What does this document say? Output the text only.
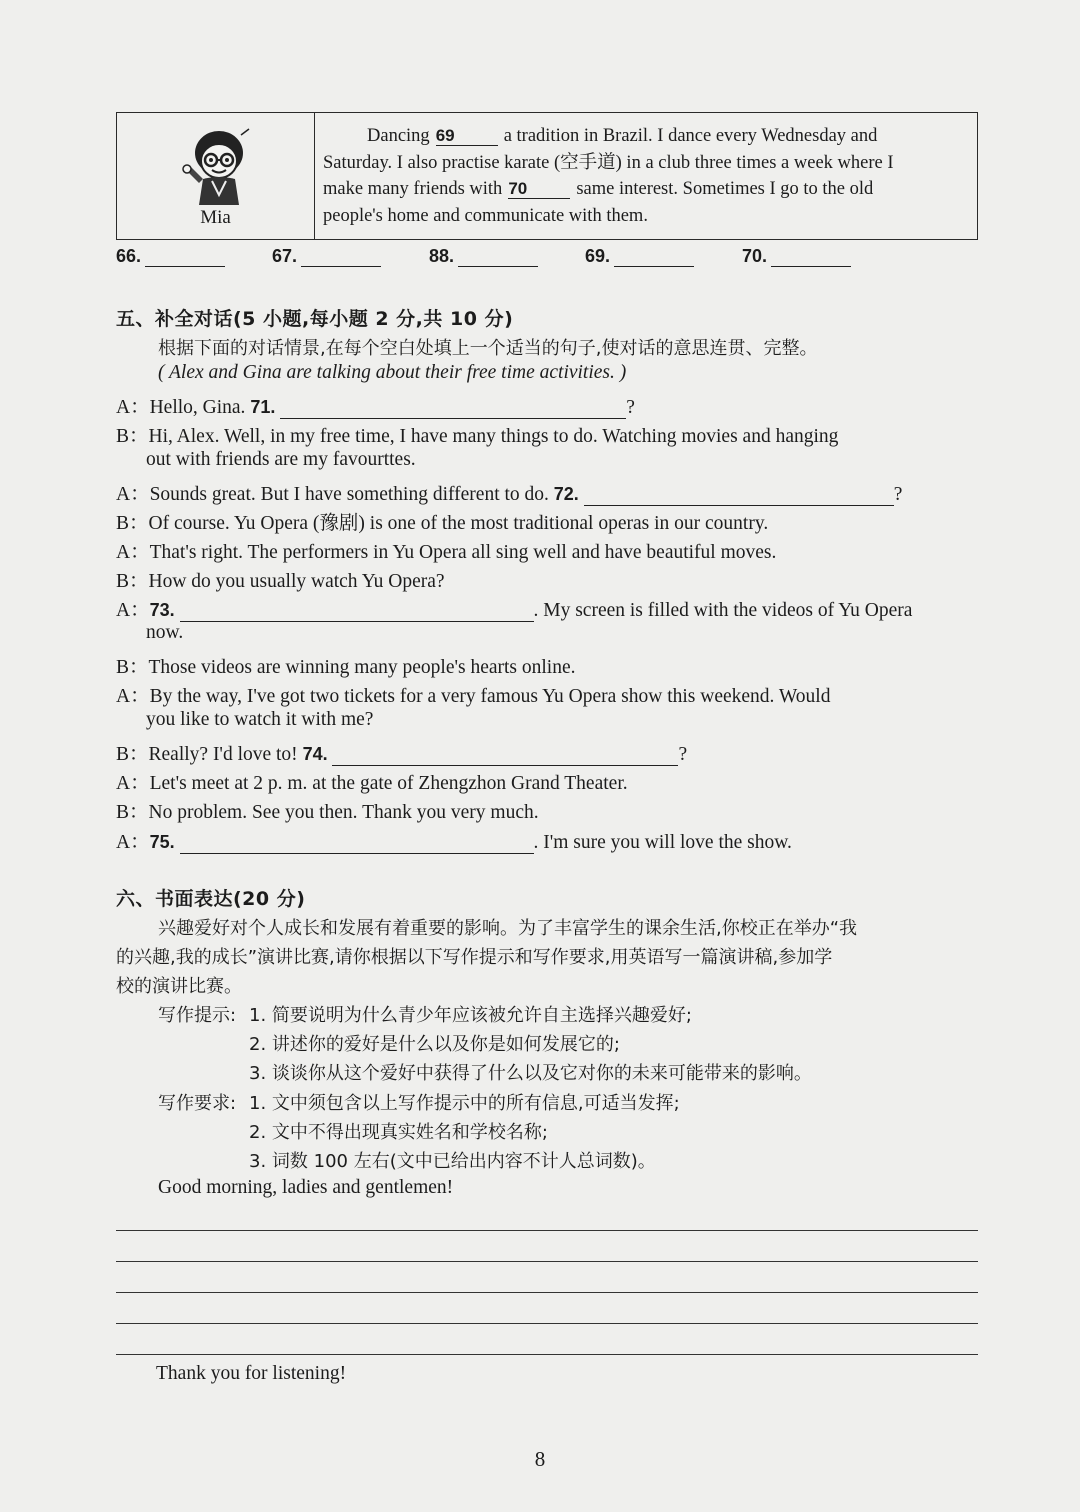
Mia
Dancing 69	a tradition in Brazil. I dance every Wednesday and
Saturday. I also practise karate (空手道) in a club three times a week where I
make many friends with 70	same interest. Sometimes I go to the old
people's home and communicate with them.
66.	67.	88.	69.	70.
五、补全对话(5 小题,每小题 2 分,共 10 分)
根据下面的对话情景,在每个空白处填上一个适当的句子,使对话的意思连贯、完整。
( Alex and Gina are talking about their free time activities. )
A：Hello, Gina. 71.	?
B：Hi, Alex. Well, in my free time, I have many things to do. Watching movies and hanging
out with friends are my favourttes.
A：Sounds great. But I have something different to do. 72.	?
B：Of course. Yu Opera (豫剧) is one of the most traditional operas in our country.
A：That's right. The performers in Yu Opera all sing well and have beautiful moves.
B：How do you usually watch Yu Opera?
A：73.	. My screen is filled with the videos of Yu Opera
now.
B：Those videos are winning many people's hearts online.
A：By the way, I've got two tickets for a very famous Yu Opera show this weekend. Would
you like to watch it with me?
B：Really? I'd love to! 74.	?
A：Let's meet at 2 p. m. at the gate of Zhengzhon Grand Theater.
B：No problem. See you then. Thank you very much.
A：75.	. I'm sure you will love the show.
六、书面表达(20 分)
兴趣爱好对个人成长和发展有着重要的影响。为了丰富学生的课余生活,你校正在举办“我
的兴趣,我的成长”演讲比赛,请你根据以下写作提示和写作要求,用英语写一篇演讲稿,参加学
校的演讲比赛。
写作提示: 1. 简要说明为什么青少年应该被允许自主选择兴趣爱好;
2. 讲述你的爱好是什么以及你是如何发展它的;
3. 谈谈你从这个爱好中获得了什么以及它对你的未来可能带来的影响。
写作要求: 1. 文中须包含以上写作提示中的所有信息,可适当发挥;
2. 文中不得出现真实姓名和学校名称;
3. 词数 100 左右(文中已给出内容不计人总词数)。
Good morning, ladies and gentlemen!
Thank you for listening!
8
